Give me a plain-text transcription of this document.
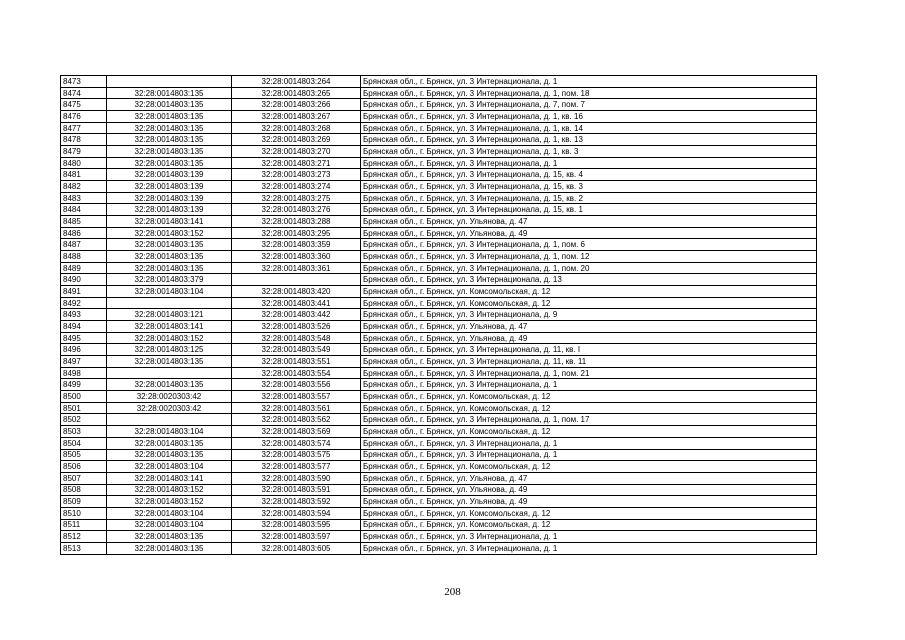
8473		32:28:0014803:264	Брянская обл., г. Брянск, ул. 3 Интернационала, д. 1
8474	32:28:0014803:135	32:28:0014803:265	Брянская обл., г. Брянск, ул. 3 Интернационала, д. 1, пом. 18
8475	32:28:0014803:135	32:28:0014803:266	Брянская обл., г. Брянск, ул. 3 Интернационала, д. 7, пом. 7
8476	32:28:0014803:135	32:28:0014803:267	Брянская обл., г. Брянск, ул. 3 Интернационала, д. 1, кв. 16
8477	32:28:0014803:135	32:28:0014803:268	Брянская обл., г. Брянск, ул. 3 Интернационала, д. 1, кв. 14
8478	32:28:0014803:135	32:28:0014803:269	Брянская обл., г. Брянск, ул. 3 Интернационала, д. 1, кв. 13
8479	32:28:0014803:135	32:28:0014803:270	Брянская обл., г. Брянск, ул. 3 Интернационала, д. 1, кв. 3
8480	32:28:0014803:135	32:28:0014803:271	Брянская обл., г. Брянск, ул. 3 Интернационала, д. 1
8481	32:28:0014803:139	32:28:0014803:273	Брянская обл., г. Брянск, ул. 3 Интернационала, д. 15, кв. 4
8482	32:28:0014803:139	32:28:0014803:274	Брянская обл., г. Брянск, ул. 3 Интернационала, д. 15, кв. 3
8483	32:28:0014803:139	32:28:0014803:275	Брянская обл., г. Брянск, ул. 3 Интернационала, д. 15, кв. 2
8484	32:28:0014803:139	32:28:0014803:276	Брянская обл., г. Брянск, ул. 3 Интернационала, д. 15, кв. 1
8485	32:28:0014803:141	32:28:0014803:288	Брянская обл., г. Брянск, ул. Ульянова, д. 47
8486	32:28:0014803:152	32:28:0014803:295	Брянская обл., г. Брянск, ул. Ульянова, д. 49
8487	32:28:0014803:135	32:28:0014803:359	Брянская обл., г. Брянск, ул. 3 Интернационала, д. 1, пом. 6
8488	32:28:0014803:135	32:28:0014803:360	Брянская обл., г. Брянск, ул. 3 Интернационала, д. 1, пом. 12
8489	32:28:0014803:135	32:28:0014803:361	Брянская обл., г. Брянск, ул. 3 Интернационала, д. 1, пом. 20
8490	32:28:0014803:379		Брянская обл., г. Брянск, ул. 3 Интернационала, д. 13
8491	32:28:0014803:104	32:28:0014803:420	Брянская обл., г. Брянск, ул. Комсомольская, д. 12
8492		32:28:0014803:441	Брянская обл., г. Брянск, ул. Комсомольская, д. 12
8493	32:28:0014803:121	32:28:0014803:442	Брянская обл., г. Брянск, ул. 3 Интернационала, д. 9
8494	32:28:0014803:141	32:28:0014803:526	Брянская обл., г. Брянск, ул. Ульянова, д. 47
8495	32:28:0014803:152	32:28:0014803:548	Брянская обл., г. Брянск, ул. Ульянова, д. 49
8496	32:28:0014803:125	32:28:0014803:549	Брянская обл., г. Брянск, ул. 3 Интернационала, д. 11, кв. I
8497	32:28:0014803:135	32:28:0014803:551	Брянская обл., г. Брянск, ул. 3 Интернационала, д. 11, кв. 11
8498		32:28:0014803:554	Брянская обл., г. Брянск, ул. 3 Интернационала, д. 1, пом. 21
8499	32:28:0014803:135	32:28:0014803:556	Брянская обл., г. Брянск, ул. 3 Интернационала, д. 1
8500	32:28:0020303:42	32:28:0014803:557	Брянская обл., г. Брянск, ул. Комсомольская, д. 12
8501	32:28:0020303:42	32:28:0014803:561	Брянская обл., г. Брянск, ул. Комсомольская, д. 12
8502		32:28:0014803:562	Брянская обл., г. Брянск, ул. 3 Интернационала, д. 1, пом. 17
8503	32:28:0014803:104	32:28:0014803:569	Брянская обл., г. Брянск, ул. Комсомольская, д. 12
8504	32:28:0014803:135	32:28:0014803:574	Брянская обл., г. Брянск, ул. 3 Интернационала, д. 1
8505	32:28:0014803:135	32:28:0014803:575	Брянская обл., г. Брянск, ул. 3 Интернационала, д. 1
8506	32:28:0014803:104	32:28:0014803:577	Брянская обл., г. Брянск, ул. Комсомольская, д. 12
8507	32:28:0014803:141	32:28:0014803:590	Брянская обл., г. Брянск, ул. Ульянова, д. 47
8508	32:28:0014803:152	32:28:0014803:591	Брянская обл., г. Брянск, ул. Ульянова, д. 49
8509	32:28:0014803:152	32:28:0014803:592	Брянская обл., г. Брянск, ул. Ульянова, д. 49
8510	32:28:0014803:104	32:28:0014803:594	Брянская обл., г. Брянск, ул. Комсомольская, д. 12
8511	32:28:0014803:104	32:28:0014803:595	Брянская обл., г. Брянск, ул. Комсомольская, д. 12
8512	32:28:0014803:135	32:28:0014803:597	Брянская обл., г. Брянск, ул. 3 Интернационала, д. 1
8513	32:28:0014803:135	32:28:0014803:605	Брянская обл., г. Брянск, ул. 3 Интернационала, д. 1
208
